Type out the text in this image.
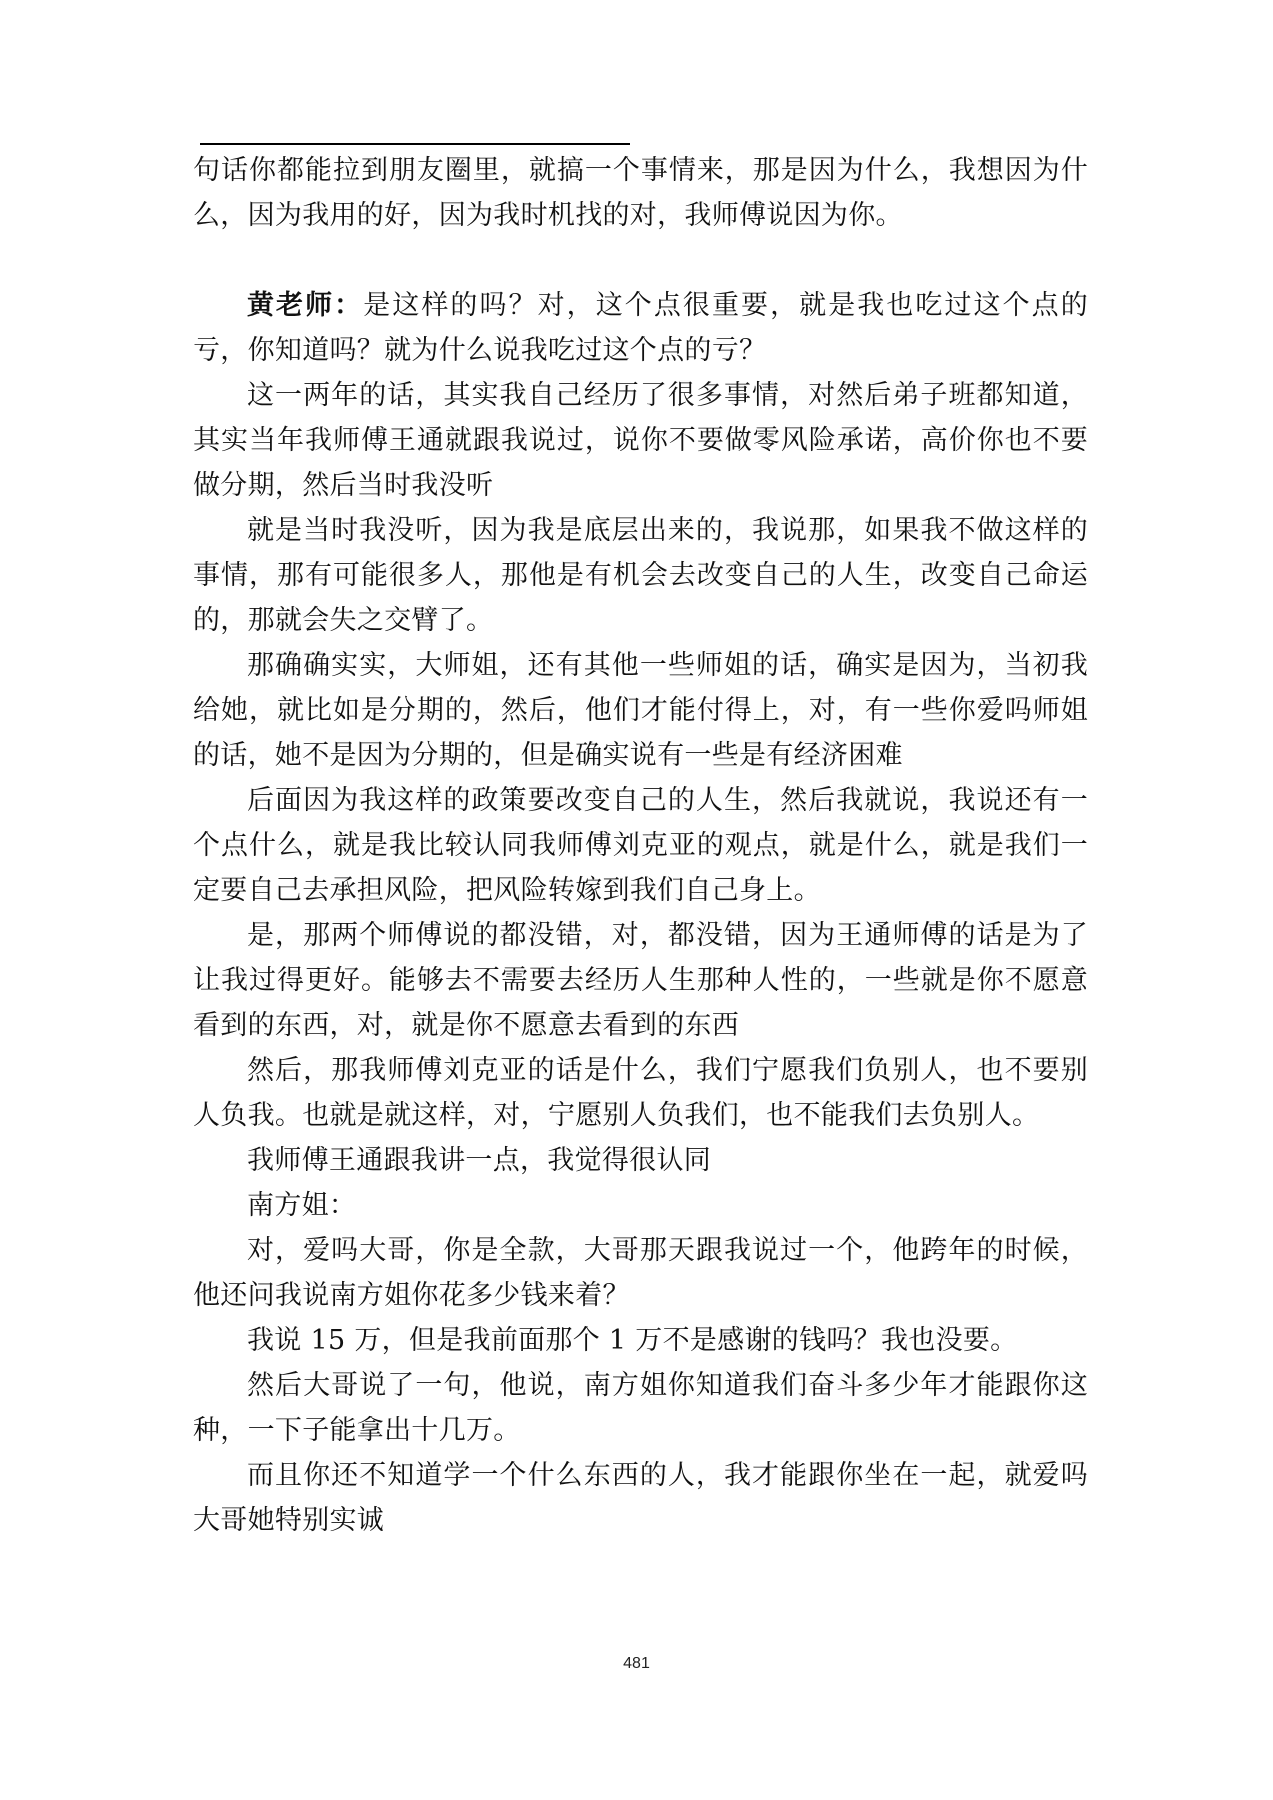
句话你都能拉到朋友圈里，就搞一个事情来，那是因为什么，我想因为什么，因为我用的好，因为我时机找的对，我师傅说因为你。

黄老师：是这样的吗？对，这个点很重要，就是我也吃过这个点的亏，你知道吗？就为什么说我吃过这个点的亏？

这一两年的话，其实我自己经历了很多事情，对然后弟子班都知道，其实当年我师傅王通就跟我说过，说你不要做零风险承诺，高价你也不要做分期，然后当时我没听

就是当时我没听，因为我是底层出来的，我说那，如果我不做这样的事情，那有可能很多人，那他是有机会去改变自己的人生，改变自己命运的，那就会失之交臂了。

那确确实实，大师姐，还有其他一些师姐的话，确实是因为，当初我给她，就比如是分期的，然后，他们才能付得上，对，有一些你爱吗师姐的话，她不是因为分期的，但是确实说有一些是有经济困难

后面因为我这样的政策要改变自己的人生，然后我就说，我说还有一个点什么，就是我比较认同我师傅刘克亚的观点，就是什么，就是我们一定要自己去承担风险，把风险转嫁到我们自己身上。

是，那两个师傅说的都没错，对，都没错，因为王通师傅的话是为了让我过得更好。能够去不需要去经历人生那种人性的，一些就是你不愿意看到的东西，对，就是你不愿意去看到的东西

然后，那我师傅刘克亚的话是什么，我们宁愿我们负别人，也不要别人负我。也就是就这样，对，宁愿别人负我们，也不能我们去负别人。

我师傅王通跟我讲一点，我觉得很认同

南方姐：

对，爱吗大哥，你是全款，大哥那天跟我说过一个，他跨年的时候，他还问我说南方姐你花多少钱来着？

我说 15 万，但是我前面那个 1 万不是感谢的钱吗？我也没要。

然后大哥说了一句，他说，南方姐你知道我们奋斗多少年才能跟你这种，一下子能拿出十几万。

而且你还不知道学一个什么东西的人，我才能跟你坐在一起，就爱吗大哥她特别实诚

481
